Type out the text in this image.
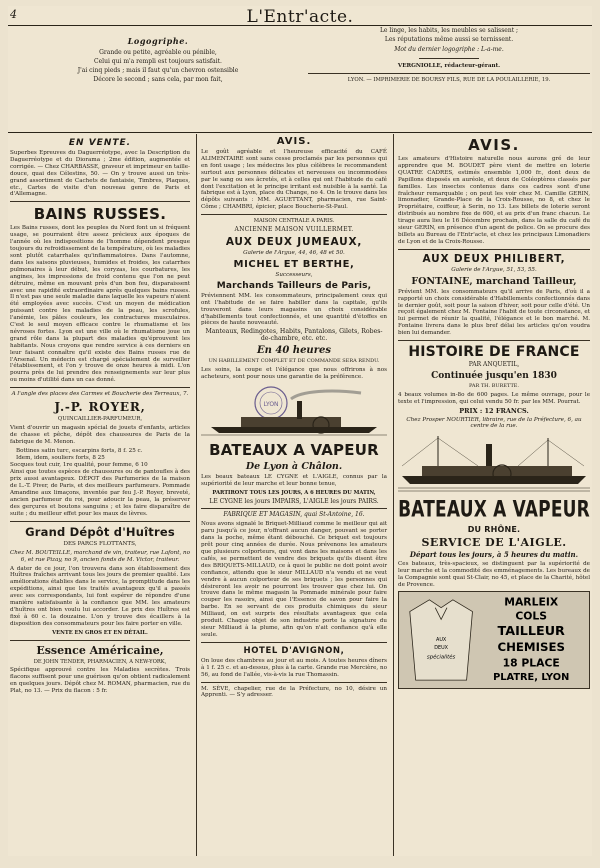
4	L'Entr'acte.
Logogriphe.
Grande ou petite, agréable ou pénible,
Celui qui m'a rempli est toujours satisfait.
J'ai cinq pieds ; mais il faut qu'un chevron ostensible
Décore le second ; sans cela, par mon fait,
Le linge, les habits, les meubles se salissent ;
Les réputations même aussi se ternissent.
Mot du dernier logogriphe : L-a-me.
VERGNIOLLE, rédacteur-gérant.
LYON. — IMPRIMERIE DE BOURSY FILS, RUE DE LA POULAILLERIE, 19.
EN VENTE.

Superbes Epreuves du Daguerréotype, avec la Description du Daguerréotype et du Diorama ; 2me édition, augmentée et corrigée. — Chez CHARBASSE, graveur et imprimeur en taille-douce, quai des Célestins, 50. — On y trouve aussi un très-grand assortiment de Cachets de fantaisie, Timbres, Plaques, etc., Cartes de visite d'un nouveau genre de Paris et d'Allemagne.

BAINS RUSSES.

Les Bains russes, dont les peuples du Nord font un si fréquent usage, se pourraient être assez précieux aux époques de l'année où les indispositions de l'homme dépendent presque toujours du refroidissement de la température, où les maladies sont plutôt catarrhales qu'inflammatoires. Dans l'automne, dans les saisons pluvieuses, humides et froides, les catarrhes pulmonaires à leur début, les coryzas, les courbatures, les angines, les impressions de froid contenu que l'on ne peut détruire, même en mouvant près d'un bon feu, disparaissent avec une rapidité extraordinaire après quelques bains russes. Il n'est pas une seule maladie dans laquelle les vapeurs n'aient été employées avec succès. C'est un moyen de médication puissant contre les maladies de la peau, les scrofules, l'anémie, les pâles couleurs, les contractures musculaires. C'est le seul moyen efficace contre le rhumatisme et les névroses fortes. Lyon est une ville où le rhumatisme joue un grand rôle dans la plupart des maladies qu'éprouvent les habitants. Nous croyons que rendre service à ces derniers en leur faisant connaître qu'il existe des Bains russes rue de l'Arsenal. Un médecin est chargé spécialement de surveiller l'établissement, et l'on y trouve de onze heures à midi. L'on pourra près de lui prendre des renseignements sur leur plus ou moins d'utilité dans un cas donné.

A l'angle des places des Carmes et Boucherie des Terreaux, 7.

J.-P. ROYER,
QUINCAILLIER-PARFUMEUR,

Vient d'ouvrir un magasin spécial de jouets d'enfants, articles de chasse et pêche, dépôt des chaussures de Paris de la fabrique de M. Menon.

Bottines satin turc, escarpins forts, 8 f. 25 c.
Idem, idem, souliers forts, 8 25
Socques tout cuir, 1re qualité, pour femme, 6 10

Ainsi que toutes espèces de chaussures ou de pantoufles à des prix aussi avantageux. DÉPOT des Parfumeries de la maison de L.-T. Piver, de Paris, et des meilleurs parfumeurs. Pommade Amandine aux limaçons, inventée par feu J.-P. Royer, breveté, ancien parfumeur du roi, pour adoucir la peau, la préserver des gerçures et boutons sanguins ; et les faire disparaître de suite ; du meilleur effet pour les maux de lèvres.

Grand Dépôt d'Huîtres
DES PARCS FLOTTANTS,

Chez M. BOUTEILLE, marchand de vin, traiteur, rue Lafont, no 6, et rue Pizay, no 9, ancien fonds de M. Victor, traiteur.

A dater de ce jour, l'on trouvera dans son établissement des Huîtres fraîches arrivant tous les jours de premier qualité. Les améliorations établies dans le service, la promptitude dans les expéditions, ainsi que les traités avantageux qu'il a passés avec ses correspondants, lui font espérer de répondre d'une manière satisfaisante à la confiance que MM. les amateurs d'huîtres ont bien voulu lui accorder. Le prix des Huîtres est fixé à 60 c. la douzaine. L'on y trouve des écaillers à la disposition des consommateurs pour les faire porter en ville.

VENTE EN GROS ET EN DÉTAIL.
Essence Américaine,
DE JOHN TENDER, PHARMACIEN, A NEW-YORK,

Spécifique approuvé contre les Maladies secrètes. Trois flacons suffisent pour une guérison qu'on obtient radicalement en quelques jours. Dépôt chez M. ROMAN, pharmacien, rue du Plat, no 13. — Prix du flacon : 5 fr.

AVIS.

Le goût agréable et l'heureuse efficacité du CAFÉ ALIMENTAIRE sont sans cesse proclamés par les personnes qui en font usage ; les médecins les plus célèbres le recommandent surtout aux personnes délicates et nerveuses ou incommodées par le sang ou ses âcretés, et à celles qui ont l'habitude du café dont l'excitation et le principe irritant est nuisible à la santé. La fabrique est à Lyon, place du Change, no 4. On le trouve dans les dépôts suivants : MM. AGUETTANT, pharmacien, rue Saint-Côme ; CHAMBRI, épicier, place Boucherie-St-Paul.

MAISON CENTRALE A PARIS.
ANCIENNE MAISON VUILLERMET.
AUX DEUX JUMEAUX,
Galerie de l'Argue, 44, 46, 48 et 50.
MICHEL ET BERTHE,
Successeurs,
Marchands Tailleurs de Paris,

Préviennent MM. les consommateurs, principalement ceux qui ont l'habitude de se faire habiller dans la capitale, qu'ils trouveront dans leurs magasins un choix considérable d'habillements tout confectionnés, et une quantité d'étoffes en pièces de haute nouveauté.

Manteaux, Redingotes, Habits, Pantalons, Gilets, Robes-de-chambre, etc. etc.

En 40 heures
UN HABILLEMENT COMPLET ET DE COMMANDE SERA RENDU.

Les soins, la coupe et l'élégance que nous offrirons à nos acheteurs, sont pour nous une garantie de la préférence.

LYON
BATEAUX A VAPEUR
De Lyon à Châlon.

Les beaux bateaux LE CYGNE et L'AIGLE, connus par la supériorité de leur marche et leur bonne tenue,

PARTIRONT TOUS LES JOURS, A 6 HEURES DU MATIN,

LE CYGNE les jours IMPAIRS, L'AIGLE les jours PAIRS.

FABRIQUE ET MAGASIN, quai St-Antoine, 16.

Nous avons signalé le Briquet-Milliaud comme le meilleur qui ait paru jusqu'à ce jour, n'offrant aucun danger, pouvant se porter dans la poche, même étant débouché. Ce briquet est toujours prêt pour cinq années de durée. Nous prévenons les amateurs que plusieurs colporteurs, qui vont dans les maisons et dans les cafés, se permettent de vendre des briquets qu'ils disent être des BRIQUETS-MILLAUD, ce à quoi le public ne doit point avoir confiance, attendu que le sieur MILLAUD n'a vendu et ne veut vendre à aucun colporteur de ses briquets ; les personnes qui désireront les avoir ne pourront les trouver que chez lui. On trouve dans le même magasin la Pommade minérale pour faire couper les rasoirs, ainsi que l'Essence de savon pour faire la barbe. En se servant de ces produits chimiques du sieur Milliaud, on est surpris des résultats avantageux que cela produit. Chaque objet de son industrie porte la signature du sieur Milliaud à la plume, afin qu'on n'ait confiance qu'à elle seule.

HOTEL D'AVIGNON,

On loue des chambres au jour et au mois. A toutes heures dîners à 1 f. 25 c. et au-dessus, plus à la carte. Grande rue Mercière, no 56, au fond de l'allée, vis-à-vis la rue Thomassin.

M. SÈVE, chapelier, rue de la Préfecture, no 10, désire un Apprenti. — S'y adresser.

AVIS.

Les amateurs d'Histoire naturelle nous aurons gré de leur apprendre que M. BOUDET père vient de mettre en loterie QUATRE CADRES, estimés ensemble 1,000 fr., dont deux de Papillons disposés en auréole, et deux de Coléoptères classés par familles. Les insectes contenus dans ces cadres sont d'une fraîcheur remarquable ; on peut les voir chez M. Camille GERIN, limonadier, Grande-Place de la Croix-Rousse, no 8, et chez le Propriétaire, coiffeur, à Serin, no 13. Les billets de loterie seront distribués au nombre fixe de 600, et au prix d'un franc chacun. Le tirage aura lieu le 16 Décembre prochain, dans la salle du café du sieur GERIN, en présence d'un agent de police. On se procure des billets au Bureau de l'Entr'acte, et chez les principaux Limonadiers de Lyon et de la Croix-Rousse.

AUX DEUX PHILIBERT,
Galerie de l'Argue, 51, 53, 55.
FONTAINE, marchand Tailleur,

Prévient MM. les consommateurs qu'il arrive de Paris, d'où il a rapporté un choix considérable d'Habillements confectionnés dans le dernier goût, soit pour la saison d'hiver, soit pour celle d'été. Un reçoit également chez M. Fontaine l'habit de toute circonstance, et lui permet de réunir la qualité, l'élégance et le bon marché. M. Fontaine livrera dans le plus bref délai les articles qu'on voudra bien lui demander.

HISTOIRE DE FRANCE
PAR ANQUETIL,
Continuée jusqu'en 1830
PAR TH. BURETTE.

4 beaux volumes in-8o de 600 pages. Le même ouvrage, pour le texte et l'impression, qui celui vendu 50 fr. par les MM. Pourrat.

PRIX : 12 FRANCS.

Chez Prosper NOURTIER, libraire, rue de la Préfecture, 6, au centre de la rue.

BATEAUX A VAPEUR
DU RHÔNE.
SERVICE DE L'AIGLE.
Départ tous les jours, à 5 heures du matin.

Ces bateaux, très-spacieux, se distinguent par la supériorité de leur marche et la commodité des emménagements. Les bureaux de la Compagnie sont quai St-Clair, no 45, et place de la Charité, hôtel de Provence.

AUX
DEUX
spécialités
MARLEIX
COLS
TAILLEUR
CHEMISES
18 PLACE
PLATRE, LYON
